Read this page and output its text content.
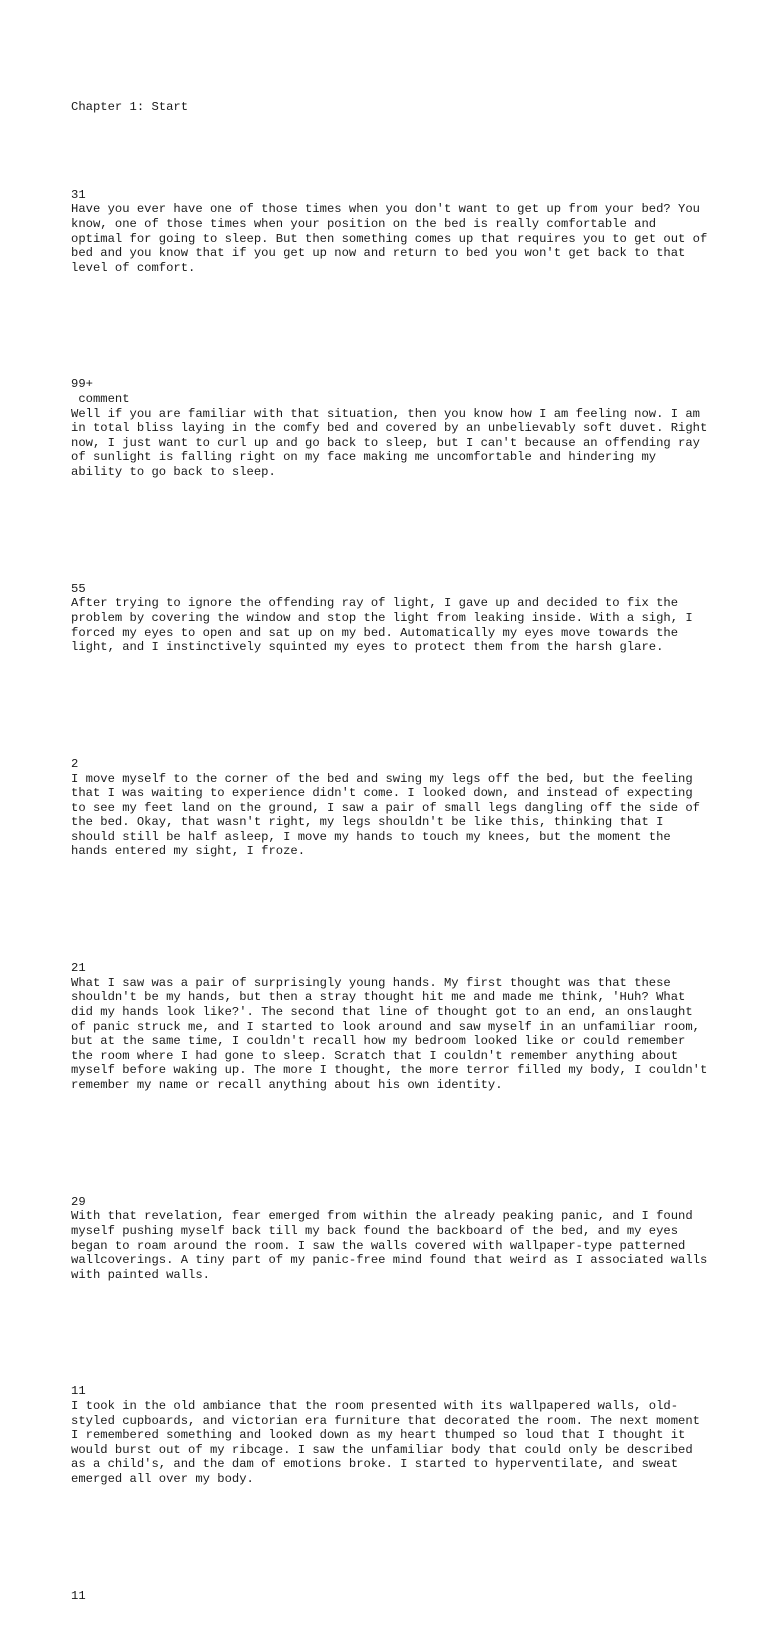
Chapter 1: Start

31
Have you ever have one of those times when you don't want to get up from your bed? You know, one of those times when your position on the bed is really comfortable and optimal for going to sleep. But then something comes up that requires you to get out of bed and you know that if you get up now and return to bed you won't get back to that level of comfort.

99+
comment
Well if you are familiar with that situation, then you know how I am feeling now. I am in total bliss laying in the comfy bed and covered by an unbelievably soft duvet. Right now, I just want to curl up and go back to sleep, but I can't because an offending ray of sunlight is falling right on my face making me uncomfortable and hindering my ability to go back to sleep.

55
After trying to ignore the offending ray of light, I gave up and decided to fix the problem by covering the window and stop the light from leaking inside. With a sigh, I forced my eyes to open and sat up on my bed. Automatically my eyes move towards the light, and I instinctively squinted my eyes to protect them from the harsh glare.

2
I move myself to the corner of the bed and swing my legs off the bed, but the feeling that I was waiting to experience didn't come. I looked down, and instead of expecting to see my feet land on the ground, I saw a pair of small legs dangling off the side of the bed. Okay, that wasn't right, my legs shouldn't be like this, thinking that I should still be half asleep, I move my hands to touch my knees, but the moment the hands entered my sight, I froze.

21
What I saw was a pair of surprisingly young hands. My first thought was that these shouldn't be my hands, but then a stray thought hit me and made me think, 'Huh? What did my hands look like?'. The second that line of thought got to an end, an onslaught of panic struck me, and I started to look around and saw myself in an unfamiliar room, but at the same time, I couldn't recall how my bedroom looked like or could remember the room where I had gone to sleep. Scratch that I couldn't remember anything about myself before waking up. The more I thought, the more terror filled my body, I couldn't remember my name or recall anything about his own identity.

29
With that revelation, fear emerged from within the already peaking panic, and I found myself pushing myself back till my back found the backboard of the bed, and my eyes began to roam around the room. I saw the walls covered with wallpaper-type patterned wallcoverings. A tiny part of my panic-free mind found that weird as I associated walls with painted walls.

11
I took in the old ambiance that the room presented with its wallpapered walls, old-styled cupboards, and victorian era furniture that decorated the room. The next moment I remembered something and looked down as my heart thumped so loud that I thought it would burst out of my ribcage. I saw the unfamiliar body that could only be described as a child's, and the dam of emotions broke. I started to hyperventilate, and sweat emerged all over my body.

11
